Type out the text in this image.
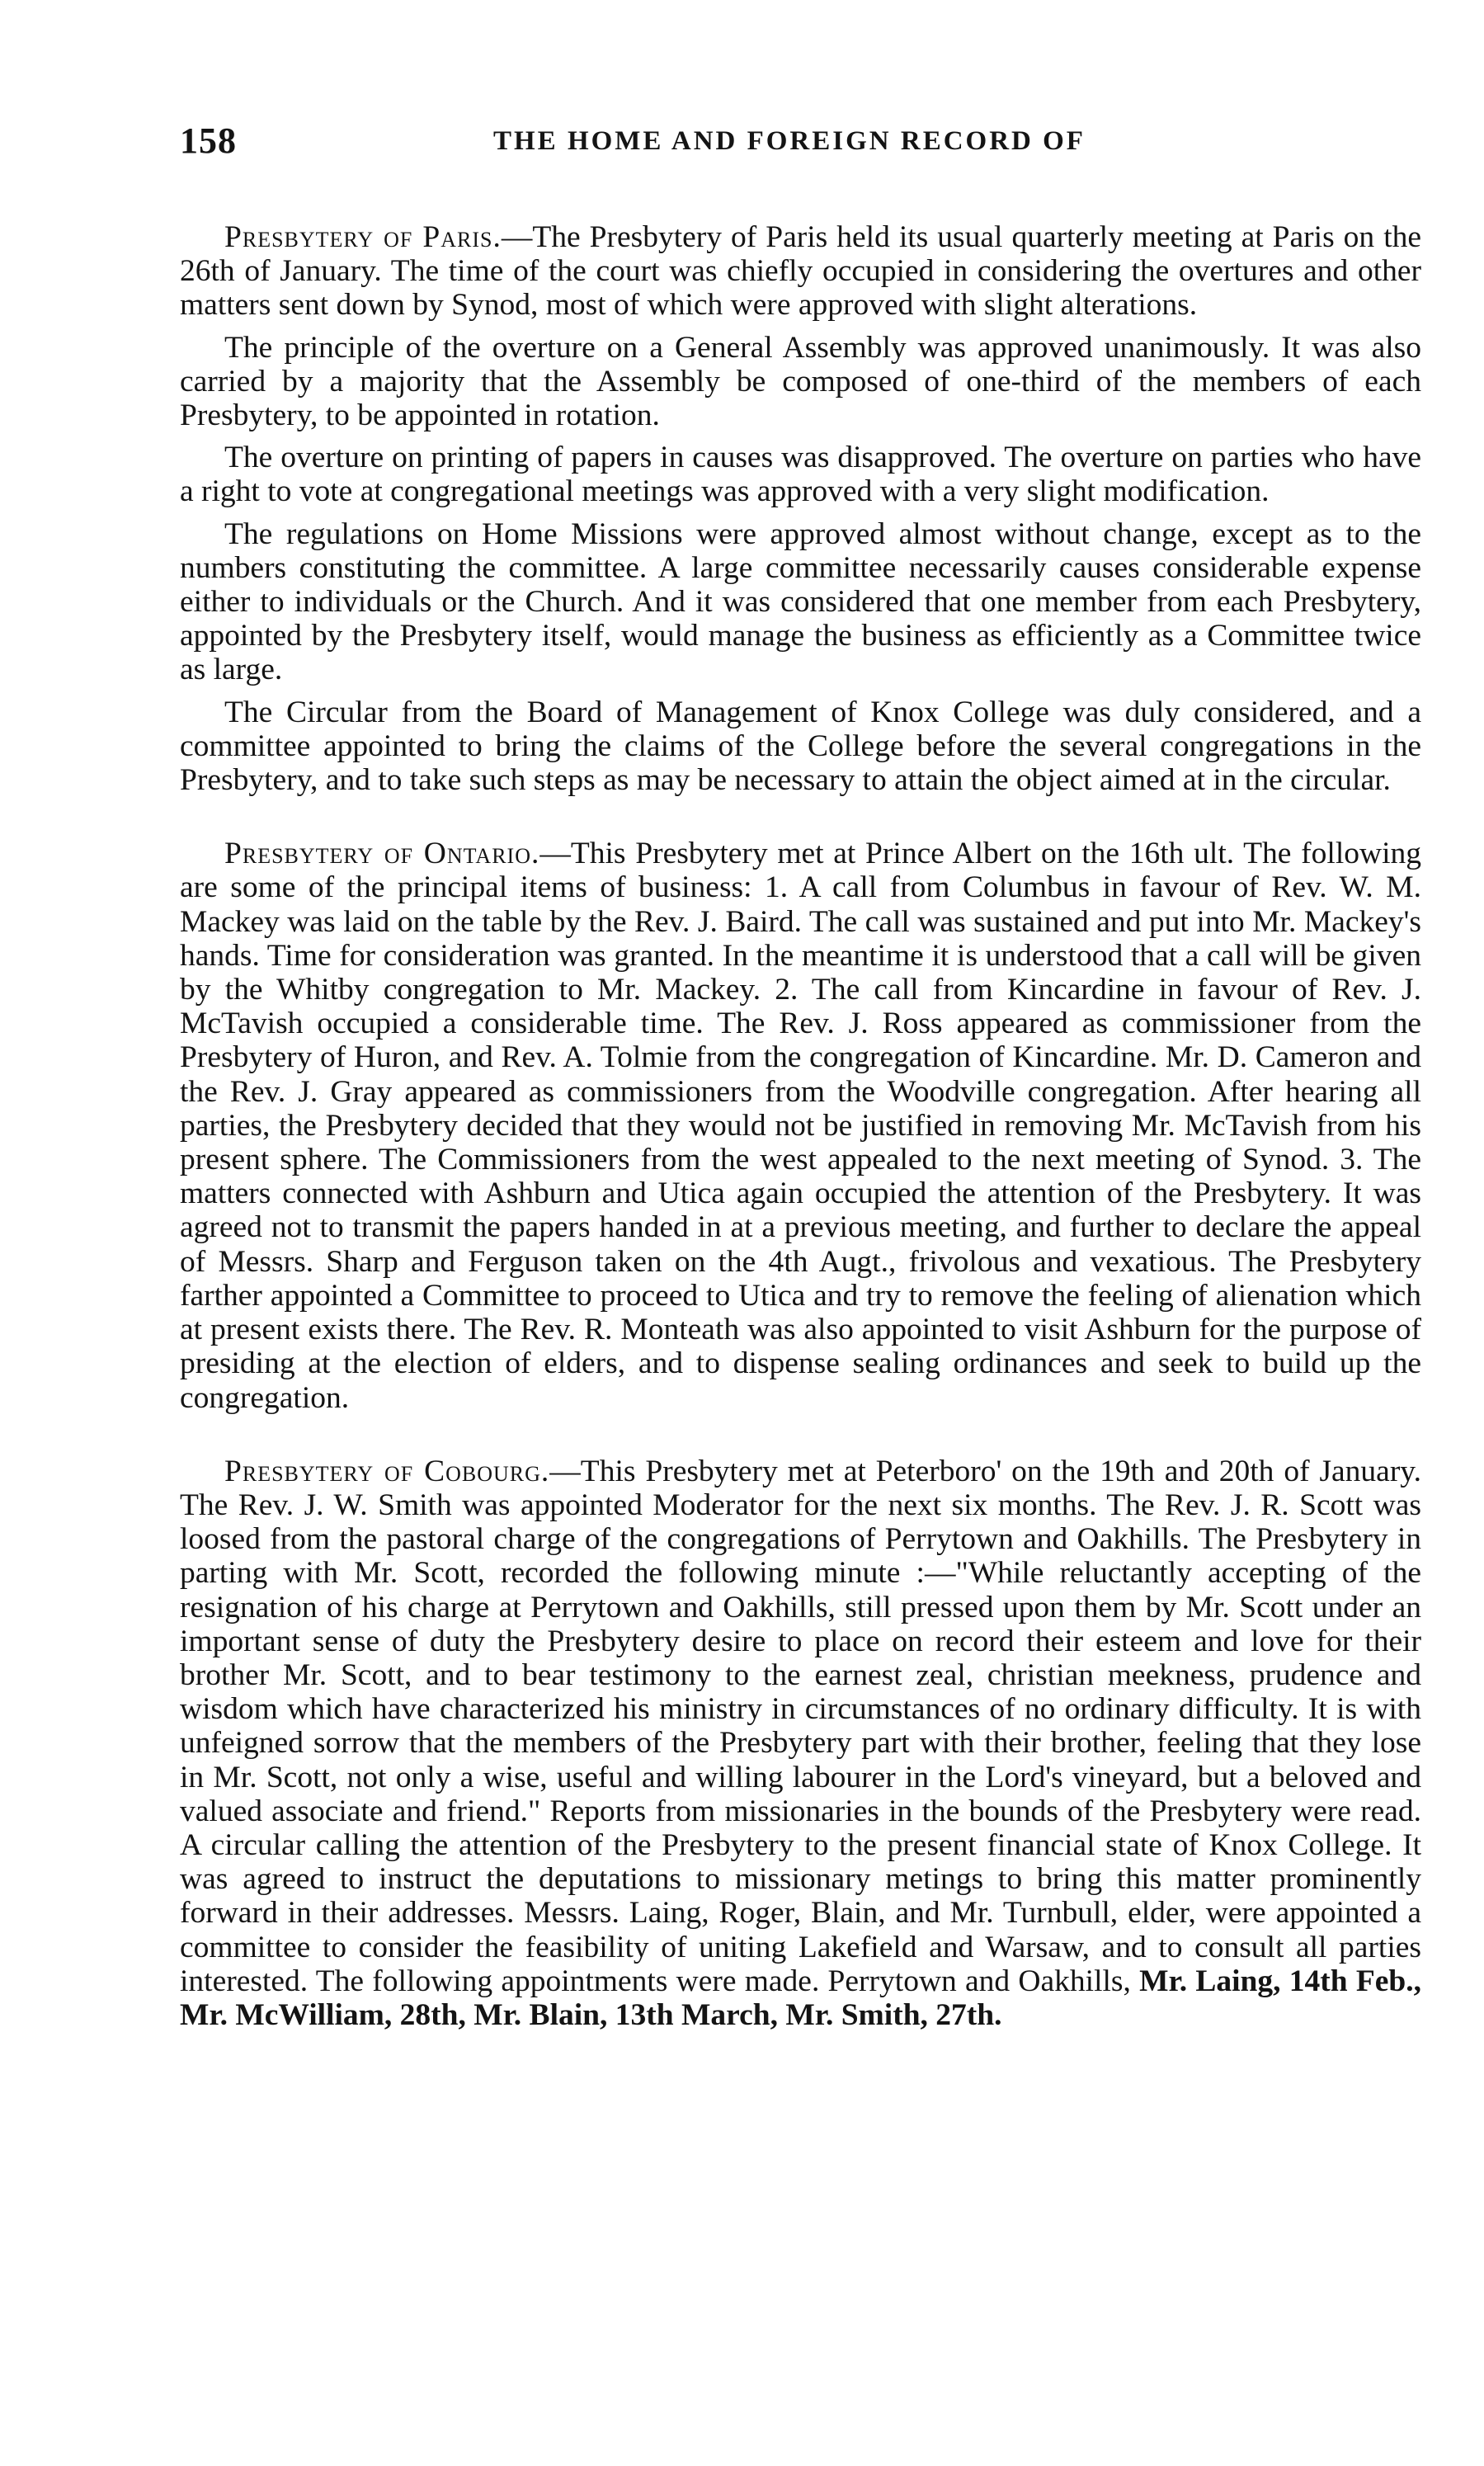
158	THE HOME AND FOREIGN RECORD OF

Presbytery of Paris.—The Presbytery of Paris held its usual quarterly meeting at Paris on the 26th of January. The time of the court was chiefly occupied in considering the overtures and other matters sent down by Synod, most of which were approved with slight alterations.

The principle of the overture on a General Assembly was approved unanimously. It was also carried by a majority that the Assembly be composed of one-third of the members of each Presbytery, to be appointed in rotation.

The overture on printing of papers in causes was disapproved. The overture on parties who have a right to vote at congregational meetings was approved with a very slight modification.

The regulations on Home Missions were approved almost without change, except as to the numbers constituting the committee. A large committee necessarily causes considerable expense either to individuals or the Church. And it was considered that one member from each Presbytery, appointed by the Presbytery itself, would manage the business as efficiently as a Committee twice as large.

The Circular from the Board of Management of Knox College was duly considered, and a committee appointed to bring the claims of the College before the several congregations in the Presbytery, and to take such steps as may be necessary to attain the object aimed at in the circular.

Presbytery of Ontario.—This Presbytery met at Prince Albert on the 16th ult. The following are some of the principal items of business: 1. A call from Columbus in favour of Rev. W. M. Mackey was laid on the table by the Rev. J. Baird. The call was sustained and put into Mr. Mackey's hands. Time for consideration was granted. In the meantime it is understood that a call will be given by the Whitby congregation to Mr. Mackey. 2. The call from Kincardine in favour of Rev. J. McTavish occupied a considerable time. The Rev. J. Ross appeared as commissioner from the Presbytery of Huron, and Rev. A. Tolmie from the congregation of Kincardine. Mr. D. Cameron and the Rev. J. Gray appeared as commissioners from the Woodville congregation. After hearing all parties, the Presbytery decided that they would not be justified in removing Mr. McTavish from his present sphere. The Commissioners from the west appealed to the next meeting of Synod. 3. The matters connected with Ashburn and Utica again occupied the attention of the Presbytery. It was agreed not to transmit the papers handed in at a previous meeting, and further to declare the appeal of Messrs. Sharp and Ferguson taken on the 4th Augt., frivolous and vexatious. The Presbytery farther appointed a Committee to proceed to Utica and try to remove the feeling of alienation which at present exists there. The Rev. R. Monteath was also appointed to visit Ashburn for the purpose of presiding at the election of elders, and to dispense sealing ordinances and seek to build up the congregation.

Presbytery of Cobourg.—This Presbytery met at Peterboro' on the 19th and 20th of January. The Rev. J. W. Smith was appointed Moderator for the next six months. The Rev. J. R. Scott was loosed from the pastoral charge of the congregations of Perrytown and Oakhills. The Presbytery in parting with Mr. Scott, recorded the following minute :—"While reluctantly accepting of the resignation of his charge at Perrytown and Oakhills, still pressed upon them by Mr. Scott under an important sense of duty the Presbytery desire to place on record their esteem and love for their brother Mr. Scott, and to bear testimony to the earnest zeal, christian meekness, prudence and wisdom which have characterized his ministry in circumstances of no ordinary difficulty. It is with unfeigned sorrow that the members of the Presbytery part with their brother, feeling that they lose in Mr. Scott, not only a wise, useful and willing labourer in the Lord's vineyard, but a beloved and valued associate and friend." Reports from missionaries in the bounds of the Presbytery were read. A circular calling the attention of the Presbytery to the present financial state of Knox College. It was agreed to instruct the deputations to missionary metings to bring this matter prominently forward in their addresses. Messrs. Laing, Roger, Blain, and Mr. Turnbull, elder, were appointed a committee to consider the feasibility of uniting Lakefield and Warsaw, and to consult all parties interested. The following appointments were made. Perrytown and Oakhills, Mr. Laing, 14th Feb., Mr. McWilliam, 28th, Mr. Blain, 13th March, Mr. Smith, 27th.
